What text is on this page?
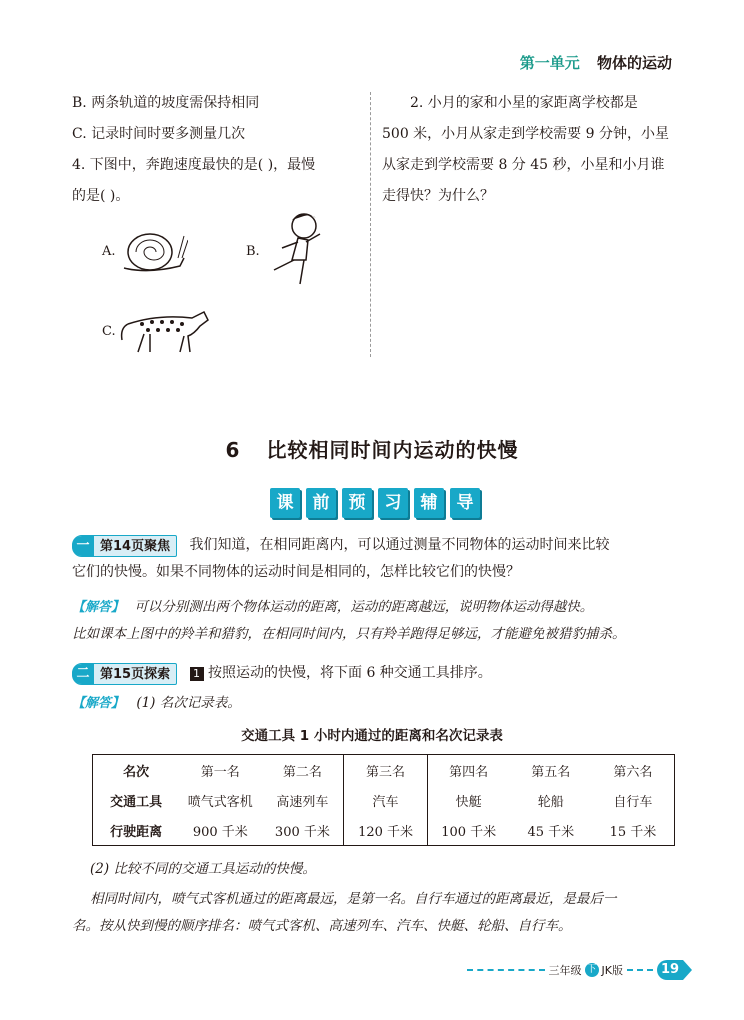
第一单元 物体的运动
B. 两条轨道的坡度需保持相同
C. 记录时间时要多测量几次
4. 下图中，奔跑速度最快的是( )，最慢
的是( )。
A.	B.
C.
2. 小月的家和小星的家距离学校都是
500 米，小月从家走到学校需要 9 分钟，小星
从家走到学校需要 8 分 45 秒，小星和小月谁
走得快？为什么？
6 比较相同时间内运动的快慢
课	前	预	习	辅	导
一 第14页聚焦	我们知道，在相同距离内，可以通过测量不同物体的运动时间来比较
它们的快慢。如果不同物体的运动时间是相同的，怎样比较它们的快慢？
【解答】 可以分别测出两个物体运动的距离，运动的距离越远，说明物体运动得越快。
比如课本上图中的羚羊和猎豹，在相同时间内，只有羚羊跑得足够远，才能避免被猎豹捕杀。
二 第15页探索	1 按照运动的快慢，将下面 6 种交通工具排序。
【解答】 (1) 名次记录表。
交通工具 1 小时内通过的距离和名次记录表
名次	第一名	第二名	第三名	第四名	第五名	第六名
交通工具	喷气式客机	高速列车	汽车	快艇	轮船	自行车
行驶距离	900 千米	300 千米	120 千米	100 千米	45 千米	15 千米
(2) 比较不同的交通工具运动的快慢。
相同时间内，喷气式客机通过的距离最远，是第一名。自行车通过的距离最近，是最后一
名。按从快到慢的顺序排名：喷气式客机、高速列车、汽车、快艇、轮船、自行车。
三年级 下 JK版	19
